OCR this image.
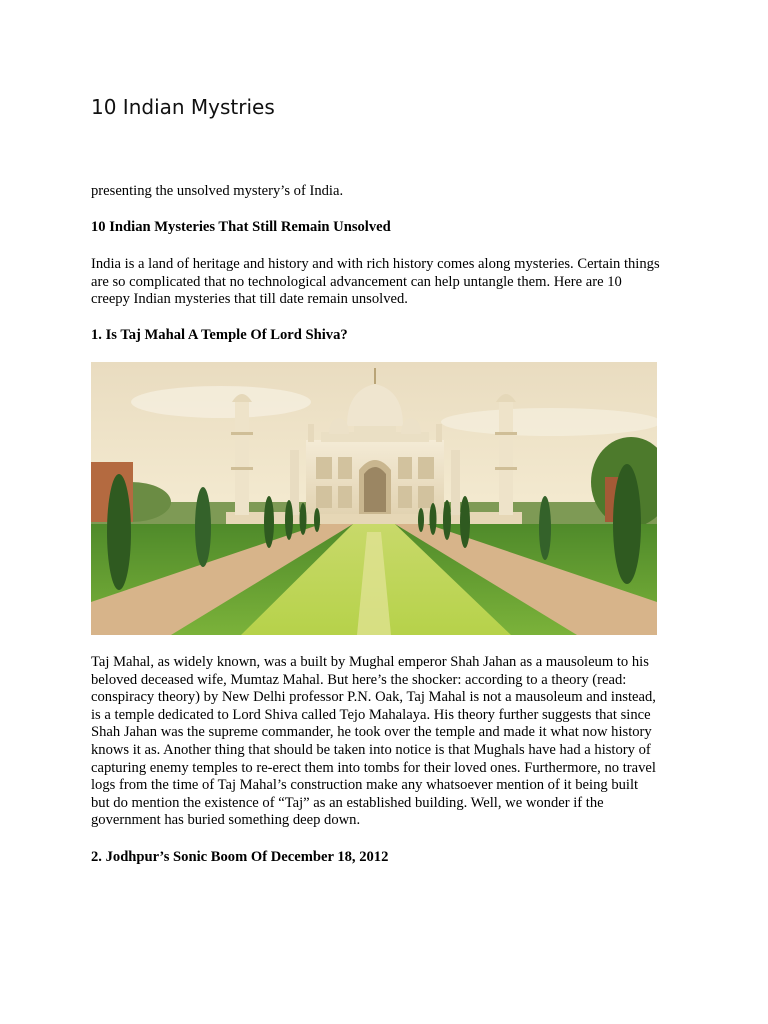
10 Indian Mystries

presenting the unsolved mystery’s of India.

10 Indian Mysteries That Still Remain Unsolved

India is a land of heritage and history and with rich history comes along mysteries. Certain things
are so complicated that no technological advancement can help untangle them. Here are 10
creepy Indian mysteries that till date remain unsolved.

1. Is Taj Mahal A Temple Of Lord Shiva?

Taj Mahal, as widely known, was a built by Mughal emperor Shah Jahan as a mausoleum to his
beloved deceased wife, Mumtaz Mahal. But here’s the shocker: according to a theory (read:
conspiracy theory) by New Delhi professor P.N. Oak, Taj Mahal is not a mausoleum and instead,
is a temple dedicated to Lord Shiva called Tejo Mahalaya. His theory further suggests that since
Shah Jahan was the supreme commander, he took over the temple and made it what now history
knows it as. Another thing that should be taken into notice is that Mughals have had a history of
capturing enemy temples to re-erect them into tombs for their loved ones. Furthermore, no travel
logs from the time of Taj Mahal’s construction make any whatsoever mention of it being built
but do mention the existence of “Taj” as an established building. Well, we wonder if the
government has buried something deep down.

2. Jodhpur’s Sonic Boom Of December 18, 2012
